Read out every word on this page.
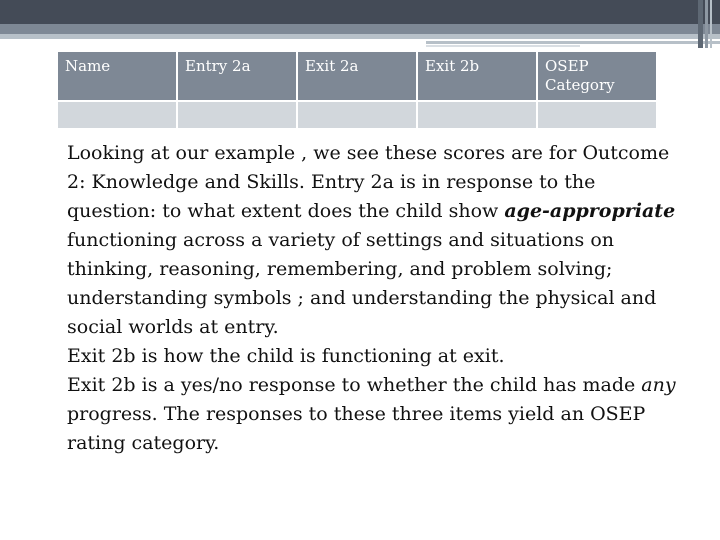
Name	Entry 2a	Exit 2a	Exit 2b	OSEP
Category

Looking at our example , we see these scores are for Outcome 2: Knowledge and Skills. Entry 2a is in response to the question: to what extent does the child show age-appropriate functioning across a variety of settings and situations on thinking, reasoning, remembering, and problem solving; understanding symbols ; and understanding the physical and social worlds at entry.

Exit 2b is how the child is functioning at exit.

Exit 2b is a yes/no response to whether the child has made any progress. The responses to these three items yield an OSEP rating category.
